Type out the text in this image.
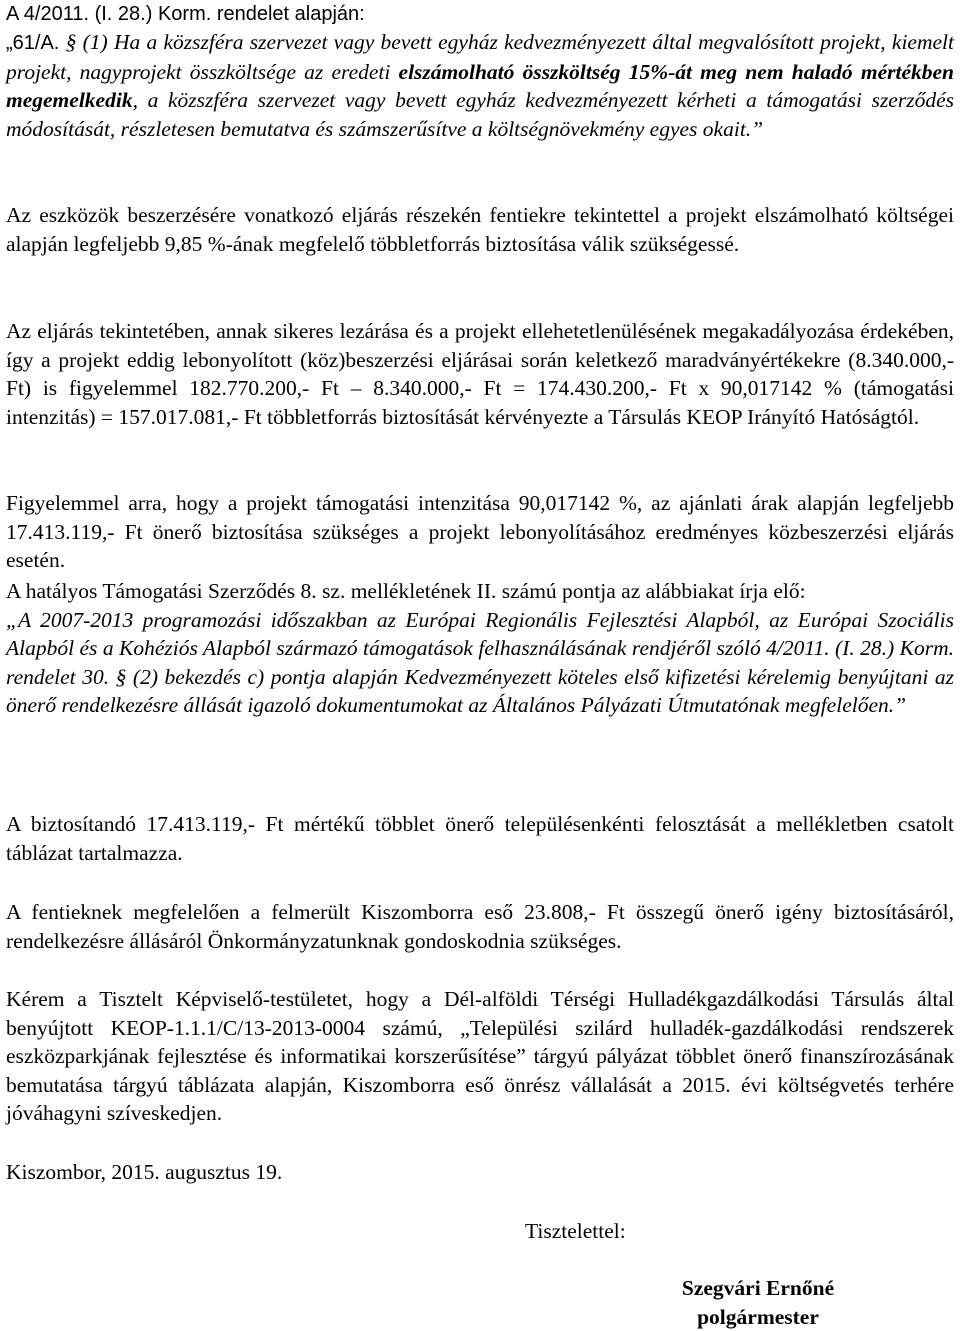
A 4/2011. (I. 28.) Korm. rendelet alapján:

„61/A. § (1) Ha a közszféra szervezet vagy bevett egyház kedvezményezett által megvalósított projekt, kiemelt projekt, nagyprojekt összköltsége az eredeti elszámolható összköltség 15%-át meg nem haladó mértékben megemelkedik, a közszféra szervezet vagy bevett egyház kedvezményezett kérheti a támogatási szerződés módosítását, részletesen bemutatva és számszerűsítve a költségnövekmény egyes okait.”

Az eszközök beszerzésére vonatkozó eljárás részekén fentiekre tekintettel a projekt elszámolható költségei alapján legfeljebb 9,85 %-ának megfelelő többletforrás biztosítása válik szükségessé.

Az eljárás tekintetében, annak sikeres lezárása és a projekt ellehetetlenülésének megakadályozása érdekében, így a projekt eddig lebonyolított (köz)beszerzési eljárásai során keletkező maradványértékekre (8.340.000,- Ft) is figyelemmel 182.770.200,- Ft – 8.340.000,- Ft = 174.430.200,- Ft x 90,017142 % (támogatási intenzitás) = 157.017.081,- Ft többletforrás biztosítását kérvényezte a Társulás KEOP Irányító Hatóságtól.

Figyelemmel arra, hogy a projekt támogatási intenzitása 90,017142 %, az ajánlati árak alapján legfeljebb 17.413.119,- Ft önerő biztosítása szükséges a projekt lebonyolításához eredményes közbeszerzési eljárás esetén.

A hatályos Támogatási Szerződés 8. sz. mellékletének II. számú pontja az alábbiakat írja elő:
„A 2007-2013 programozási időszakban az Európai Regionális Fejlesztési Alapból, az Európai Szociális Alapból és a Kohéziós Alapból származó támogatások felhasználásának rendjéről szóló 4/2011. (I. 28.) Korm. rendelet 30. § (2) bekezdés c) pontja alapján Kedvezményezett köteles első kifizetési kérelemig benyújtani az önerő rendelkezésre állását igazoló dokumentumokat az Általános Pályázati Útmutatónak megfelelően.”

A biztosítandó 17.413.119,- Ft mértékű többlet önerő településenkénti felosztását a mellékletben csatolt táblázat tartalmazza.

A fentieknek megfelelően a felmerült Kiszomborra eső 23.808,- Ft összegű önerő igény biztosításáról, rendelkezésre állásáról Önkormányzatunknak gondoskodnia szükséges.

Kérem a Tisztelt Képviselő-testületet, hogy a Dél-alföldi Térségi Hulladékgazdálkodási Társulás által benyújtott KEOP-1.1.1/C/13-2013-0004 számú, „Települési szilárd hulladék-gazdálkodási rendszerek eszközparkjának fejlesztése és informatikai korszerűsítése” tárgyú pályázat többlet önerő finanszírozásának bemutatása tárgyú táblázata alapján, Kiszomborra eső önrész vállalását a 2015. évi költségvetés terhére jóváhagyni szíveskedjen.

Kiszombor, 2015. augusztus 19.
Tisztelettel:
Szegvári Ernőné
polgármester
